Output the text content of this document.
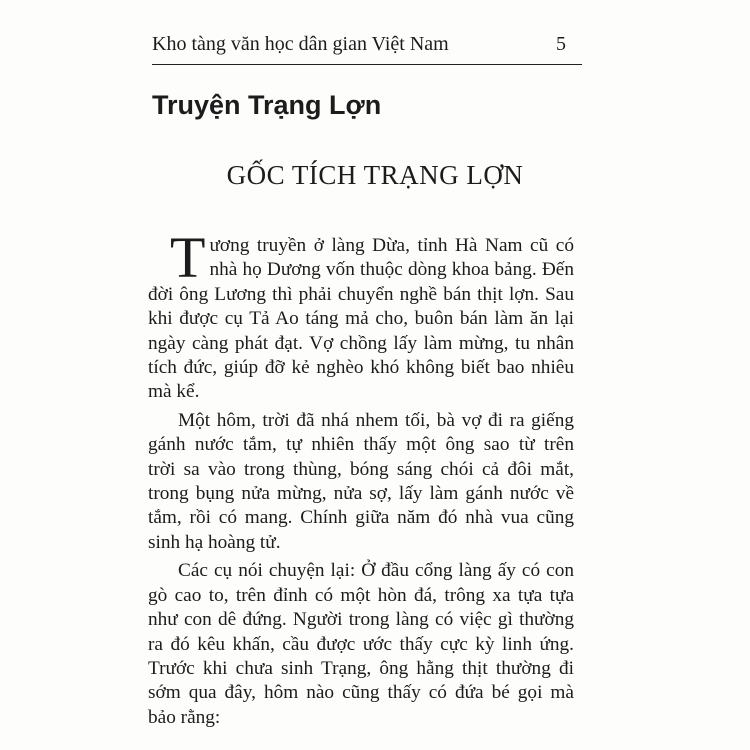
Kho tàng văn học dân gian Việt Nam	5
Truyện Trạng Lợn
GỐC TÍCH TRẠNG LỢN
T ương truyền ở làng Dừa, tỉnh Hà Nam cũ có
nhà họ Dương vốn thuộc dòng khoa bảng. Đến
đời ông Lương thì phải chuyển nghề bán thịt lợn. Sau
khi được cụ Tả Ao táng mả cho, buôn bán làm ăn lại
ngày càng phát đạt. Vợ chồng lấy làm mừng, tu nhân
tích đức, giúp đỡ kẻ nghèo khó không biết bao nhiêu
mà kể.
Một hôm, trời đã nhá nhem tối, bà vợ đi ra giếng
gánh nước tắm, tự nhiên thấy một ông sao từ trên
trời sa vào trong thùng, bóng sáng chói cả đôi mắt,
trong bụng nửa mừng, nửa sợ, lấy làm gánh nước về
tắm, rồi có mang. Chính giữa năm đó nhà vua cũng
sinh hạ hoàng tử.
Các cụ nói chuyện lại: Ở đầu cổng làng ấy có con
gò cao to, trên đỉnh có một hòn đá, trông xa tựa tựa
như con dê đứng. Người trong làng có việc gì thường
ra đó kêu khấn, cầu được ước thấy cực kỳ linh ứng.
Trước khi chưa sinh Trạng, ông hằng thịt thường đi
sớm qua đây, hôm nào cũng thấy có đứa bé gọi mà
bảo rằng:
